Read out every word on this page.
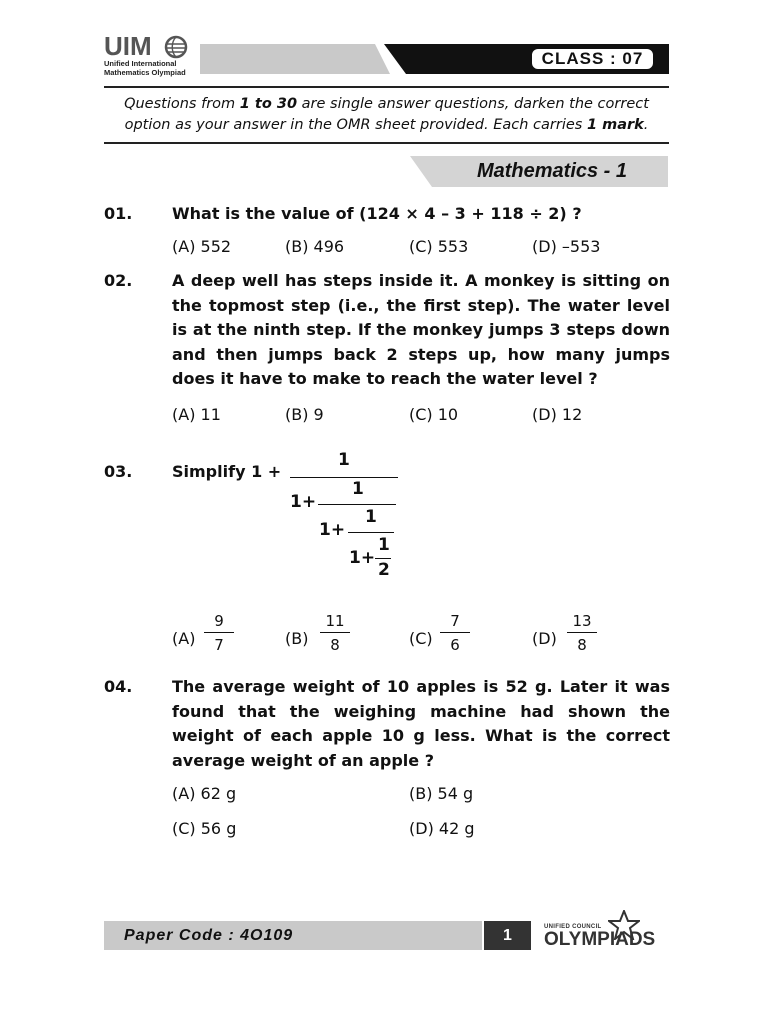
UIM
Unified International
Mathematics Olympiad
CLASS : 07
Questions from 1 to 30 are single answer questions, darken the correct option as your answer in the OMR sheet provided. Each carries 1 mark.
Mathematics - 1
01. What is the value of (124 × 4 – 3 + 118 ÷ 2) ?
(A) 552	(B) 496	(C) 553	(D) –553
02. A deep well has steps inside it. A monkey is sitting on the topmost step (i.e., the first step). The water level is at the ninth step. If the monkey jumps 3 steps down and then jumps back 2 steps up, how many jumps does it have to make to reach the water level ?
(A) 11	(B) 9	(C) 10	(D) 12
03. Simplify 1 +
1
1+
1
1+
1
1+
1
2
(A)
9
7	(B)
11
8	(C)
7
6	(D)
13
8
04. The average weight of 10 apples is 52 g. Later it was found that the weighing machine had shown the weight of each apple 10 g less. What is the correct average weight of an apple ?
(A) 62 g	(B) 54 g
(C) 56 g	(D) 42 g
Paper Code : 4O109	1	UNIFIED COUNCIL
OLYMPIADS
